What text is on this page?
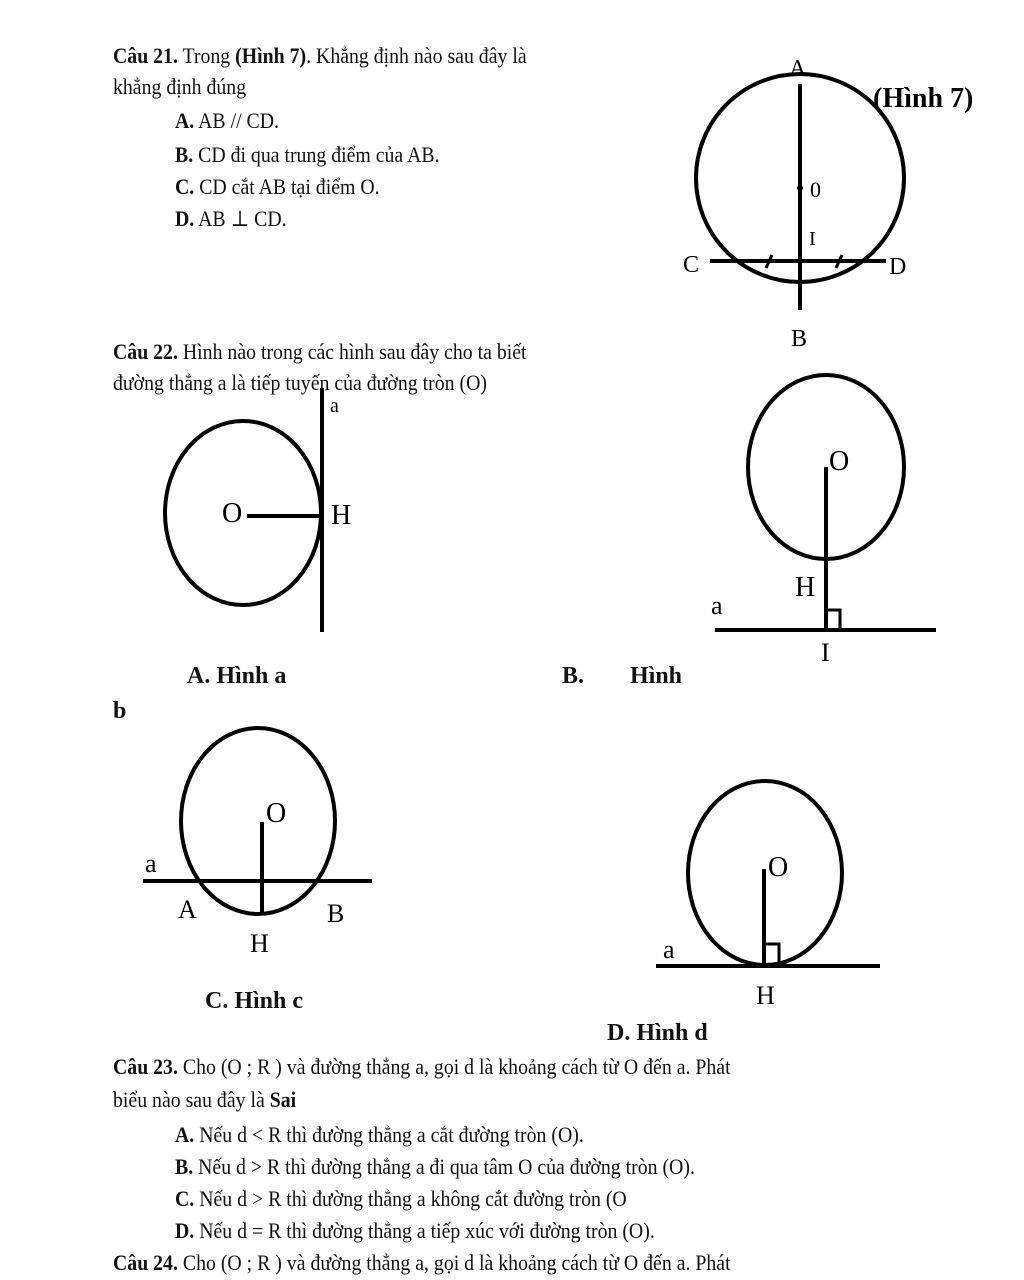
Câu 21. Trong (Hình 7). Khẳng định nào sau đây là
khẳng định đúng
A. AB // CD.
B. CD đi qua trung điểm của AB.
C. CD cắt AB tại điểm O.
D. AB ⊥ CD.
A
B
C	D
0
I
(Hình 7)
Câu 22. Hình nào trong các hình sau đây cho ta biết
đường thẳng a là tiếp tuyến của đường tròn (O)
a
O	H
O
H
a
I
A. Hình a	B. Hình
b
O
a
A	B
H
C. Hình c
O
a
H
D. Hình d
Câu 23. Cho (O ; R ) và đường thẳng a, gọi d là khoảng cách từ O đến a. Phát
biểu nào sau đây là Sai
A. Nếu d < R thì đường thẳng a cắt đường tròn (O).
B. Nếu d > R thì đường thẳng a đi qua tâm O của đường tròn (O).
C. Nếu d > R thì đường thẳng a không cắt đường tròn (O
D. Nếu d = R thì đường thẳng a tiếp xúc với đường tròn (O).
Câu 24. Cho (O ; R ) và đường thẳng a, gọi d là khoảng cách từ O đến a. Phát
